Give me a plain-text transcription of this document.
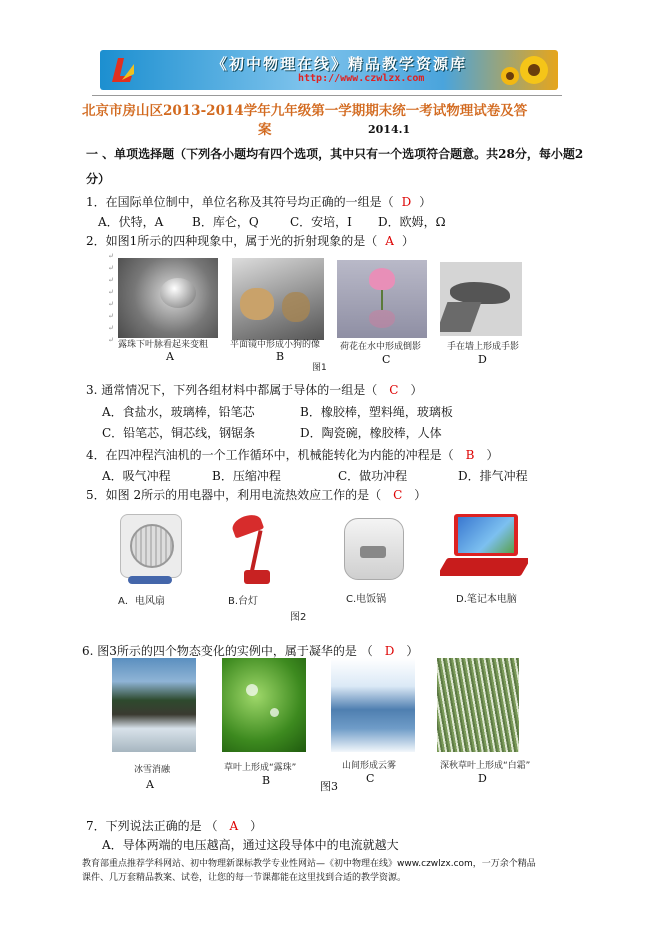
《初中物理在线》精品教学资源库
http://www.czwlzx.com
北京市房山区2013-2014学年九年级第一学期期末统一考试物理试卷及答
案	2014.1
一 、单项选择题（下列各小题均有四个选项，其中只有一个选项符合题意。共28分，每小题2
分）
1．在国际单位制中，单位名称及其符号均正确的一组是（ D ）
A．伏特，A B．库仑，Q	C．安培，I D．欧姆，Ω
2．如图1所示的四种现象中，属于光的折射现象的是（ A ）
↵
↵
↵
↵
↵
↵
↵
↵ 露珠下叶脉看起来变粗 平面镜中形成小狗的像 荷花在水中形成倒影	手在墙上形成手影
A	B	C	D
图1
3. 通常情况下，下列各组材料中都属于导体的一组是（ C ）
A．食盐水，玻璃棒，铅笔芯	B．橡胶棒，塑料绳，玻璃板
C．铅笔芯，铜芯线，钢锯条	D．陶瓷碗，橡胶棒，人体
4．在四冲程汽油机的一个工作循环中，机械能转化为内能的冲程是（ B ）
A．吸气冲程	B．压缩冲程	C．做功冲程	D．排气冲程
5．如图 2所示的用电器中，利用电流热效应工作的是（ C ）
A．电风扇	B.台灯	C.电饭锅	D.笔记本电脑
图2
6. 图3所示的四个物态变化的实例中，属于凝华的是 （ D ）
冰雪消融	草叶上形成“露珠”	山间形成云雾	深秋草叶上形成“白霜”
A	B	C	D
图3
7．下列说法正确的是 （ A ）
A．导体两端的电压越高，通过这段导体中的电流就越大
教育部重点推荐学科网站、初中物理新课标教学专业性网站—《初中物理在线》www.czwlzx.com，一万余个精品
课件、几万套精品教案、试卷，让您的每一节课都能在这里找到合适的教学资源。
